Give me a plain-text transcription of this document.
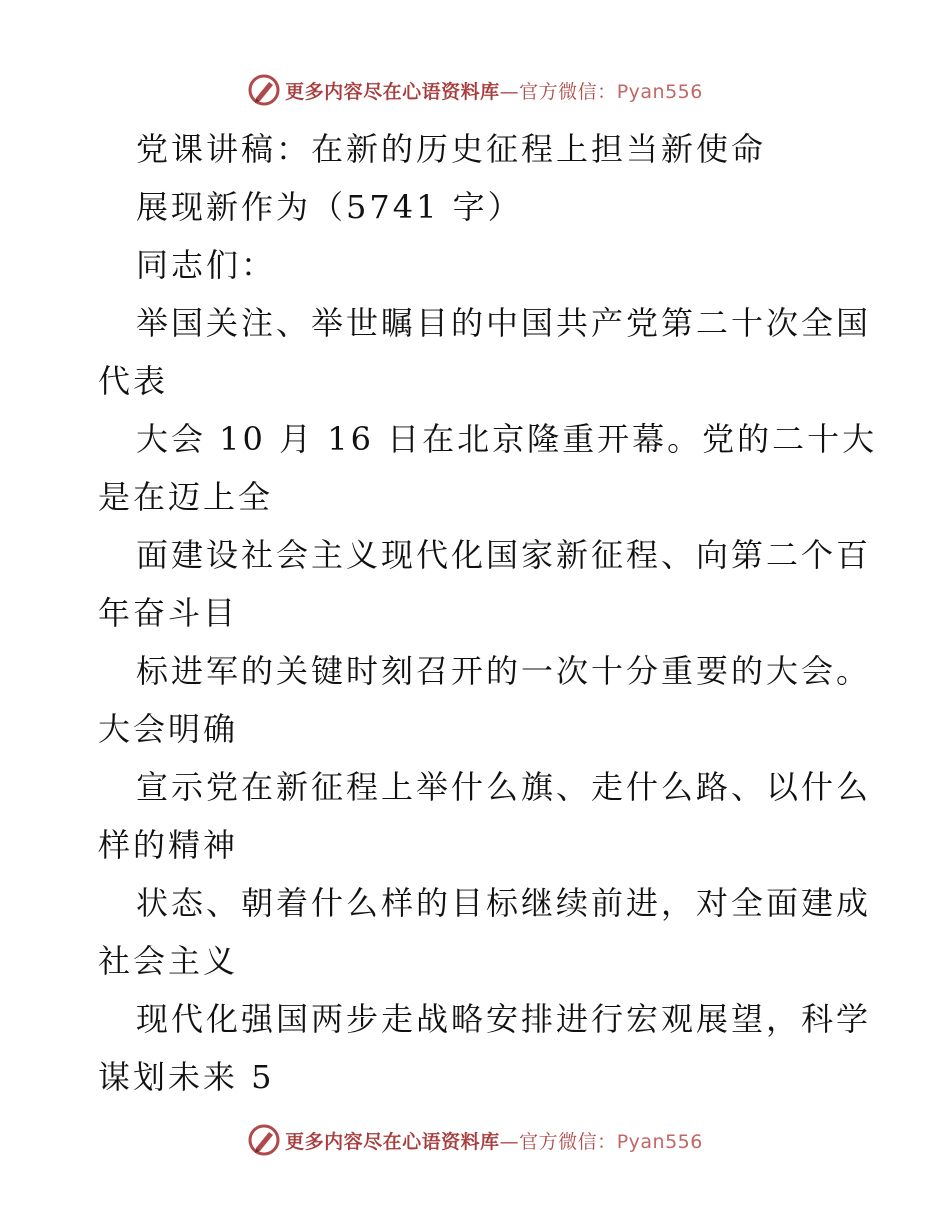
更多内容尽在心语资料库—官方微信：Pyan556
党课讲稿：在新的历史征程上担当新使命
展现新作为（5741 字）
同志们：
举国关注、举世瞩目的中国共产党第二十次全国
代表
大会 10 月 16 日在北京隆重开幕。党的二十大
是在迈上全
面建设社会主义现代化国家新征程、向第二个百
年奋斗目
标进军的关键时刻召开的一次十分重要的大会。
大会明确
宣示党在新征程上举什么旗、走什么路、以什么
样的精神
状态、朝着什么样的目标继续前进，对全面建成
社会主义
现代化强国两步走战略安排进行宏观展望，科学
谋划未来 5
更多内容尽在心语资料库—官方微信：Pyan556
